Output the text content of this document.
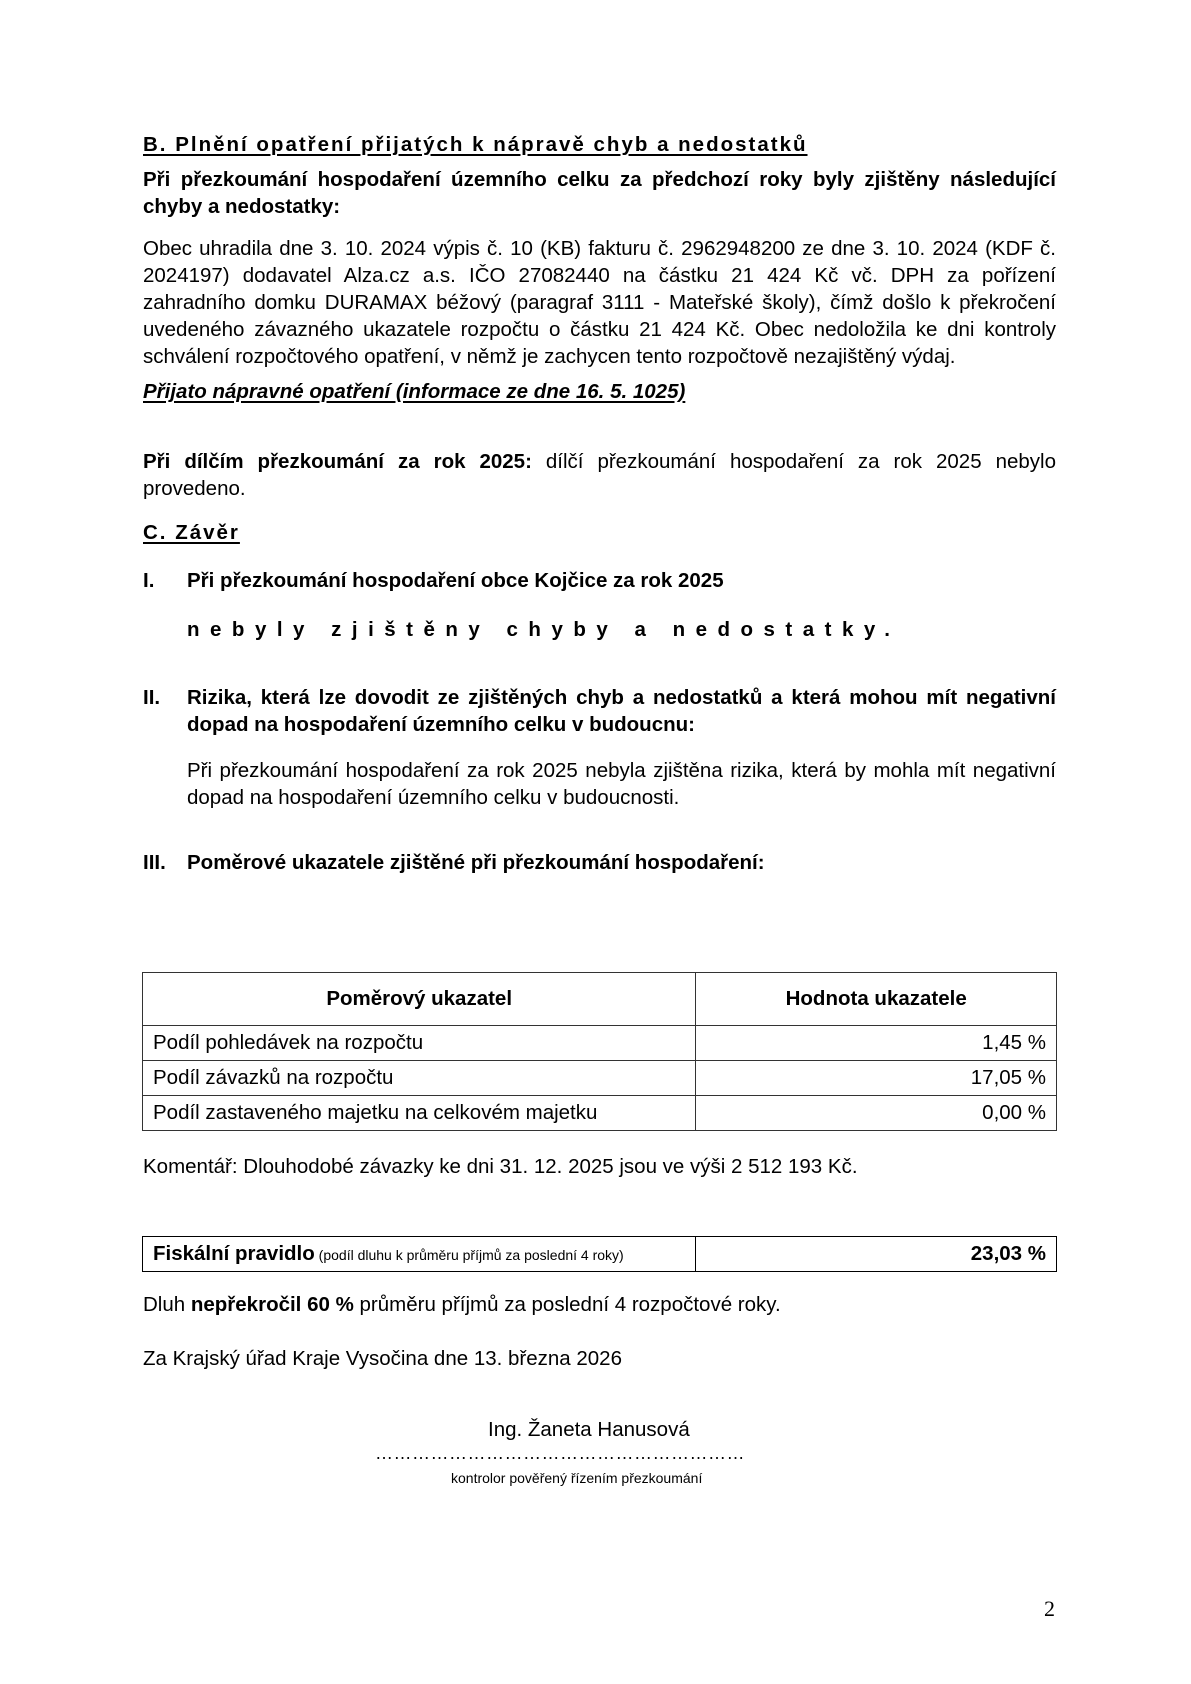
B. Plnění opatření přijatých k nápravě chyb a nedostatků
Při přezkoumání hospodaření územního celku za předchozí roky byly zjištěny následující chyby a nedostatky:
Obec uhradila dne 3. 10. 2024 výpis č. 10 (KB) fakturu č. 2962948200 ze dne 3. 10. 2024 (KDF č. 2024197) dodavatel Alza.cz a.s. IČO 27082440 na částku 21 424 Kč vč. DPH za pořízení zahradního domku DURAMAX béžový (paragraf 3111 - Mateřské školy), čímž došlo k překročení uvedeného závazného ukazatele rozpočtu o částku 21 424 Kč. Obec nedoložila ke dni kontroly schválení rozpočtového opatření, v němž je zachycen tento rozpočtově nezajištěný výdaj.
Přijato nápravné opatření (informace ze dne 16. 5. 1025)
Při dílčím přezkoumání za rok 2025: dílčí přezkoumání hospodaření za rok 2025 nebylo provedeno.
C. Závěr
I. Při přezkoumání hospodaření obce Kojčice za rok 2025
nebyly zjištěny chyby a nedostatky.
II. Rizika, která lze dovodit ze zjištěných chyb a nedostatků a která mohou mít negativní dopad na hospodaření územního celku v budoucnu:
Při přezkoumání hospodaření za rok 2025 nebyla zjištěna rizika, která by mohla mít negativní dopad na hospodaření územního celku v budoucnosti.
III. Poměrové ukazatele zjištěné při přezkoumání hospodaření:
Poměrový ukazatel	Hodnota ukazatele
Podíl pohledávek na rozpočtu	1,45 %
Podíl závazků na rozpočtu	17,05 %
Podíl zastaveného majetku na celkovém majetku	0,00 %
Komentář: Dlouhodobé závazky ke dni 31. 12. 2025 jsou ve výši 2 512 193 Kč.
Fiskální pravidlo (podíl dluhu k průměru příjmů za poslední 4 roky)	23,03 %
Dluh nepřekročil 60 % průměru příjmů za poslední 4 rozpočtové roky.
Za Krajský úřad Kraje Vysočina dne 13. března 2026
Ing. Žaneta Hanusová
……………………………………………………
kontrolor pověřený řízením přezkoumání
2
